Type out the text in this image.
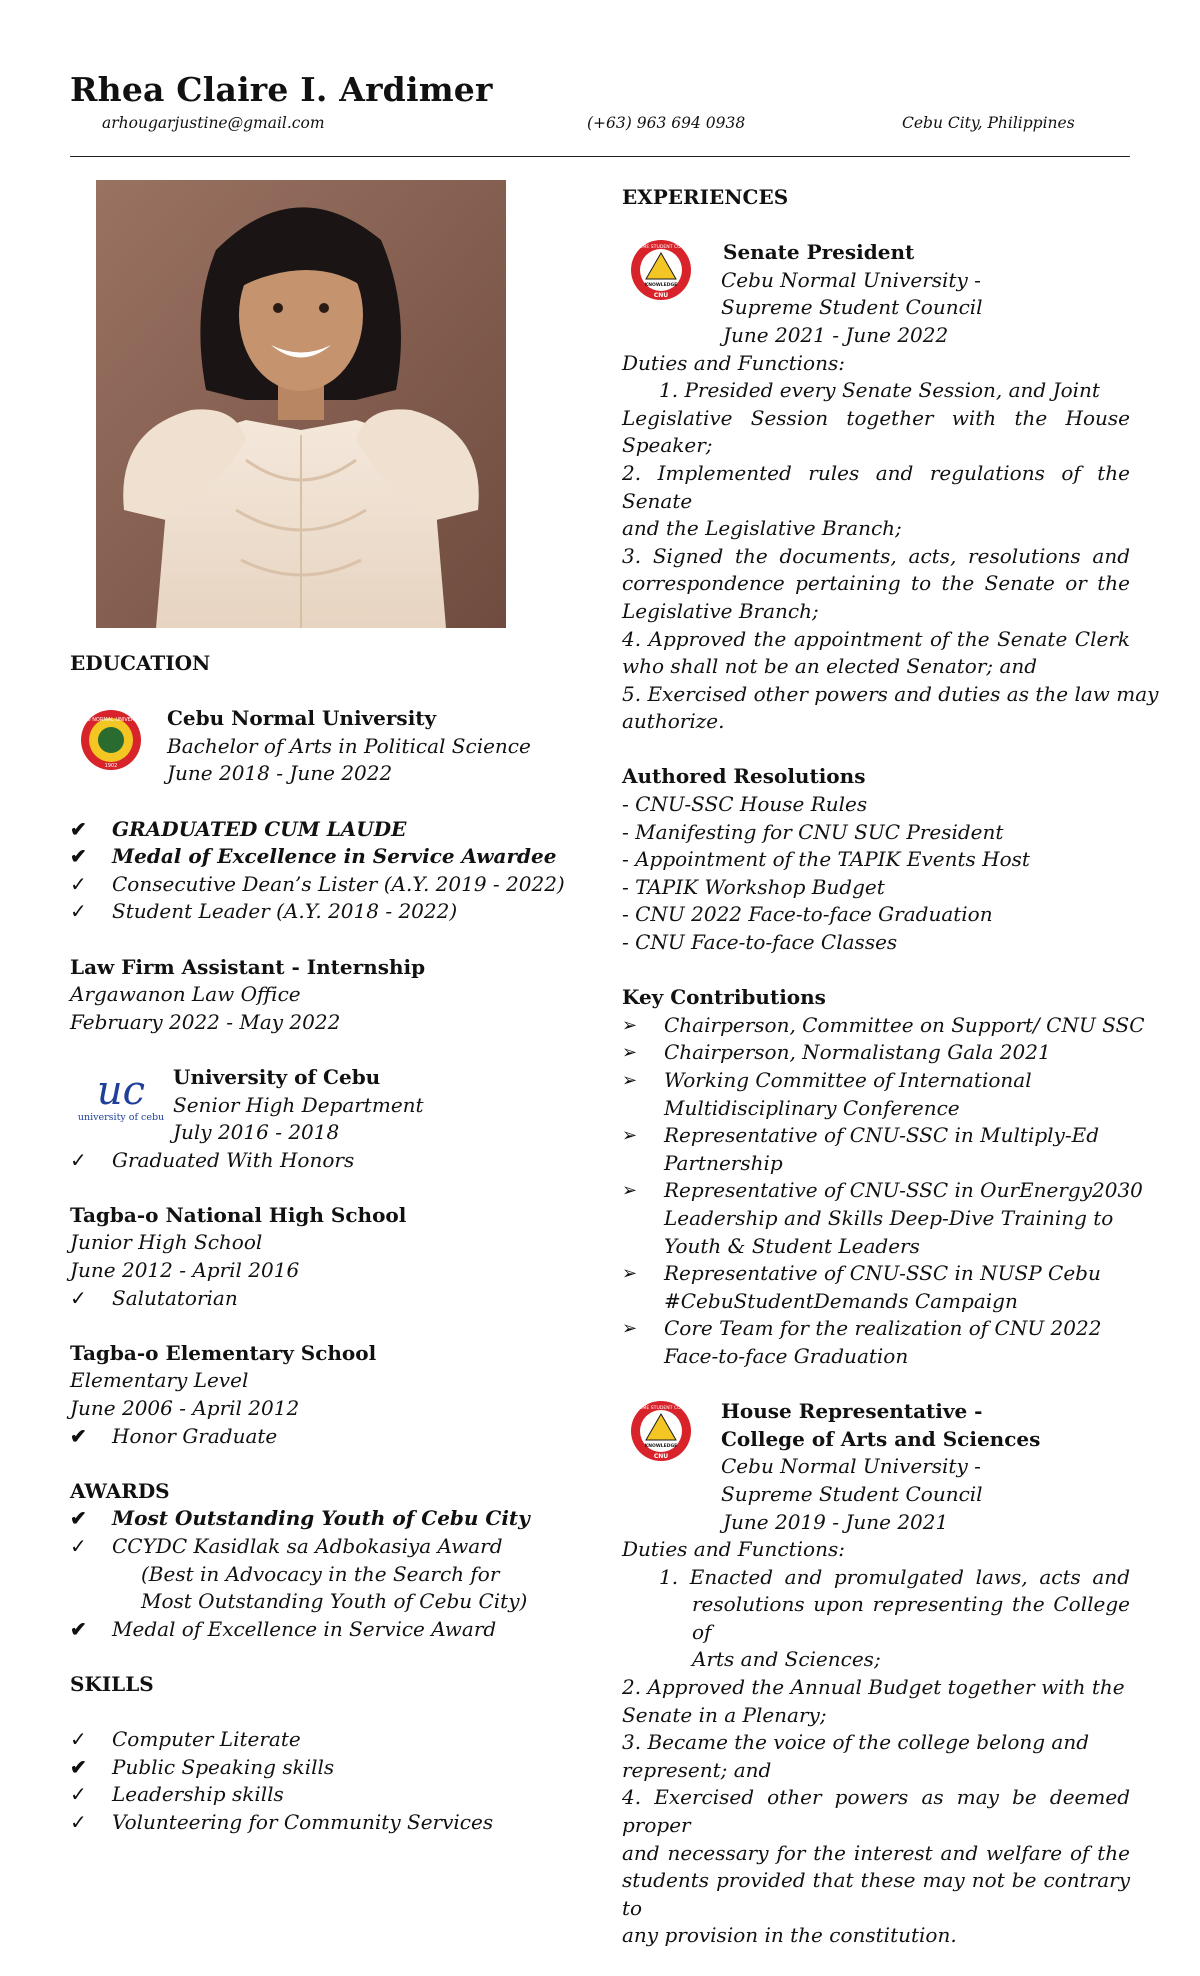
Rhea Claire I. Ardimer
arhougarjustine@gmail.com	(+63) 963 694 0938	Cebu City, Philippines
EDUCATION
CEBU NORMAL UNIVERSITY
1902
Cebu Normal University
Bachelor of Arts in Political Science
June 2018 - June 2022
✔	GRADUATED CUM LAUDE
✔	Medal of Excellence in Service Awardee
✓	Consecutive Dean’s Lister (A.Y. 2019 - 2022)
✓	Student Leader (A.Y. 2018 - 2022)
Law Firm Assistant - Internship
Argawanon Law Office
February 2022 - May 2022
uc
university of cebu
University of Cebu
Senior High Department
July 2016 - 2018
✓	Graduated With Honors
Tagba-o National High School
Junior High School
June 2012 - April 2016
✓	Salutatorian
Tagba-o Elementary School
Elementary Level
June 2006 - April 2012
✔	Honor Graduate
AWARDS
✔	Most Outstanding Youth of Cebu City
✓	CCYDC Kasidlak sa Adbokasiya Award
(Best in Advocacy in the Search for
Most Outstanding Youth of Cebu City)
✔	Medal of Excellence in Service Award
SKILLS
✓	Computer Literate
✔	Public Speaking skills
✓	Leadership skills
✓	Volunteering for Community Services
EXPERIENCES
SUPREME STUDENT COUNCIL
KNOWLEDGE
CNU
Senate President
Cebu Normal University -
Supreme Student Council
June 2021 - June 2022
Duties and Functions:
1. Presided every Senate Session, and Joint
Legislative Session together with the House
Speaker;
2. Implemented rules and regulations of the Senate
and the Legislative Branch;
3. Signed the documents, acts, resolutions and
correspondence pertaining to the Senate or the
Legislative Branch;
4. Approved the appointment of the Senate Clerk
who shall not be an elected Senator; and
5. Exercised other powers and duties as the law may
authorize.
Authored Resolutions
- CNU-SSC House Rules
- Manifesting for CNU SUC President
- Appointment of the TAPIK Events Host
- TAPIK Workshop Budget
- CNU 2022 Face-to-face Graduation
- CNU Face-to-face Classes
Key Contributions
➢	Chairperson, Committee on Support/ CNU SSC
➢	Chairperson, Normalistang Gala 2021
➢	Working Committee of International
Multidisciplinary Conference
➢	Representative of CNU-SSC in Multiply-Ed
Partnership
➢	Representative of CNU-SSC in OurEnergy2030
Leadership and Skills Deep-Dive Training to
Youth & Student Leaders
➢	Representative of CNU-SSC in NUSP Cebu
#CebuStudentDemands Campaign
➢	Core Team for the realization of CNU 2022
Face-to-face Graduation
SUPREME STUDENT COUNCIL
KNOWLEDGE
CNU
House Representative -
College of Arts and Sciences
Cebu Normal University -
Supreme Student Council
June 2019 - June 2021
Duties and Functions:
1. Enacted and promulgated laws, acts and
resolutions upon representing the College of
Arts and Sciences;
2. Approved the Annual Budget together with the
Senate in a Plenary;
3. Became the voice of the college belong and
represent; and
4. Exercised other powers as may be deemed proper
and necessary for the interest and welfare of the
students provided that these may not be contrary to
any provision in the constitution.
